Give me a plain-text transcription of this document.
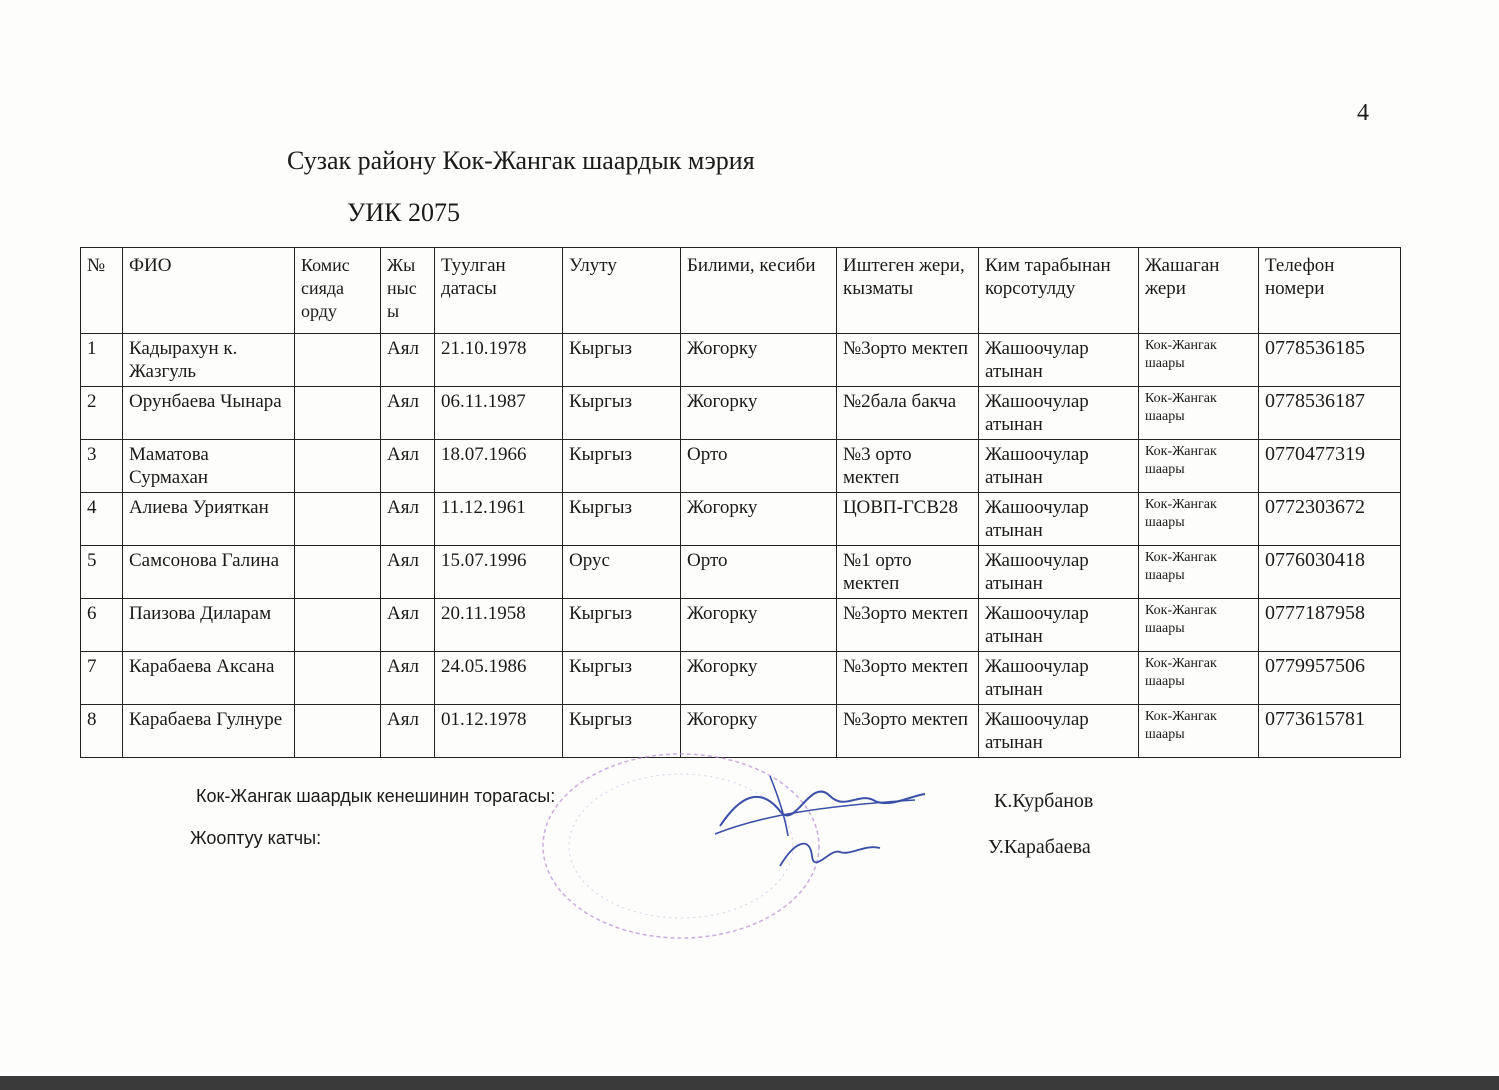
4
Сузак району Кок-Жангак шаардык мэрия
УИК 2075
№	ФИО	Комис сияда орду	Жы ныс ы	Туулган датасы	Улуту	Билими, кесиби	Иштеген жери, кызматы	Ким тарабынан корсотулду	Жашаган жери	Телефон номери
1	Кадырахун к. Жазгуль		Аял	21.10.1978	Кыргыз	Жогорку	№3орто мектеп	Жашоочулар атынан	Кок-Жангак шаары	0778536185
2	Орунбаева Чынара		Аял	06.11.1987	Кыргыз	Жогорку	№2бала бакча	Жашоочулар атынан	Кок-Жангак шаары	0778536187
3	Маматова Сурмахан		Аял	18.07.1966	Кыргыз	Орто	№3 орто мектеп	Жашоочулар атынан	Кок-Жангак шаары	0770477319
4	Алиева Урияткан		Аял	11.12.1961	Кыргыз	Жогорку	ЦОВП-ГСВ28	Жашоочулар атынан	Кок-Жангак шаары	0772303672
5	Самсонова Галина		Аял	15.07.1996	Орус	Орто	№1 орто мектеп	Жашоочулар атынан	Кок-Жангак шаары	0776030418
6	Паизова Диларам		Аял	20.11.1958	Кыргыз	Жогорку	№3орто мектеп	Жашоочулар атынан	Кок-Жангак шаары	0777187958
7	Карабаева Аксана		Аял	24.05.1986	Кыргыз	Жогорку	№3орто мектеп	Жашоочулар атынан	Кок-Жангак шаары	0779957506
8	Карабаева Гулнуре		Аял	01.12.1978	Кыргыз	Жогорку	№3орто мектеп	Жашоочулар атынан	Кок-Жангак шаары	0773615781
Кок-Жангак шаардык кенешинин торагасы:
Жооптуу катчы:
К.Курбанов
У.Карабаева
